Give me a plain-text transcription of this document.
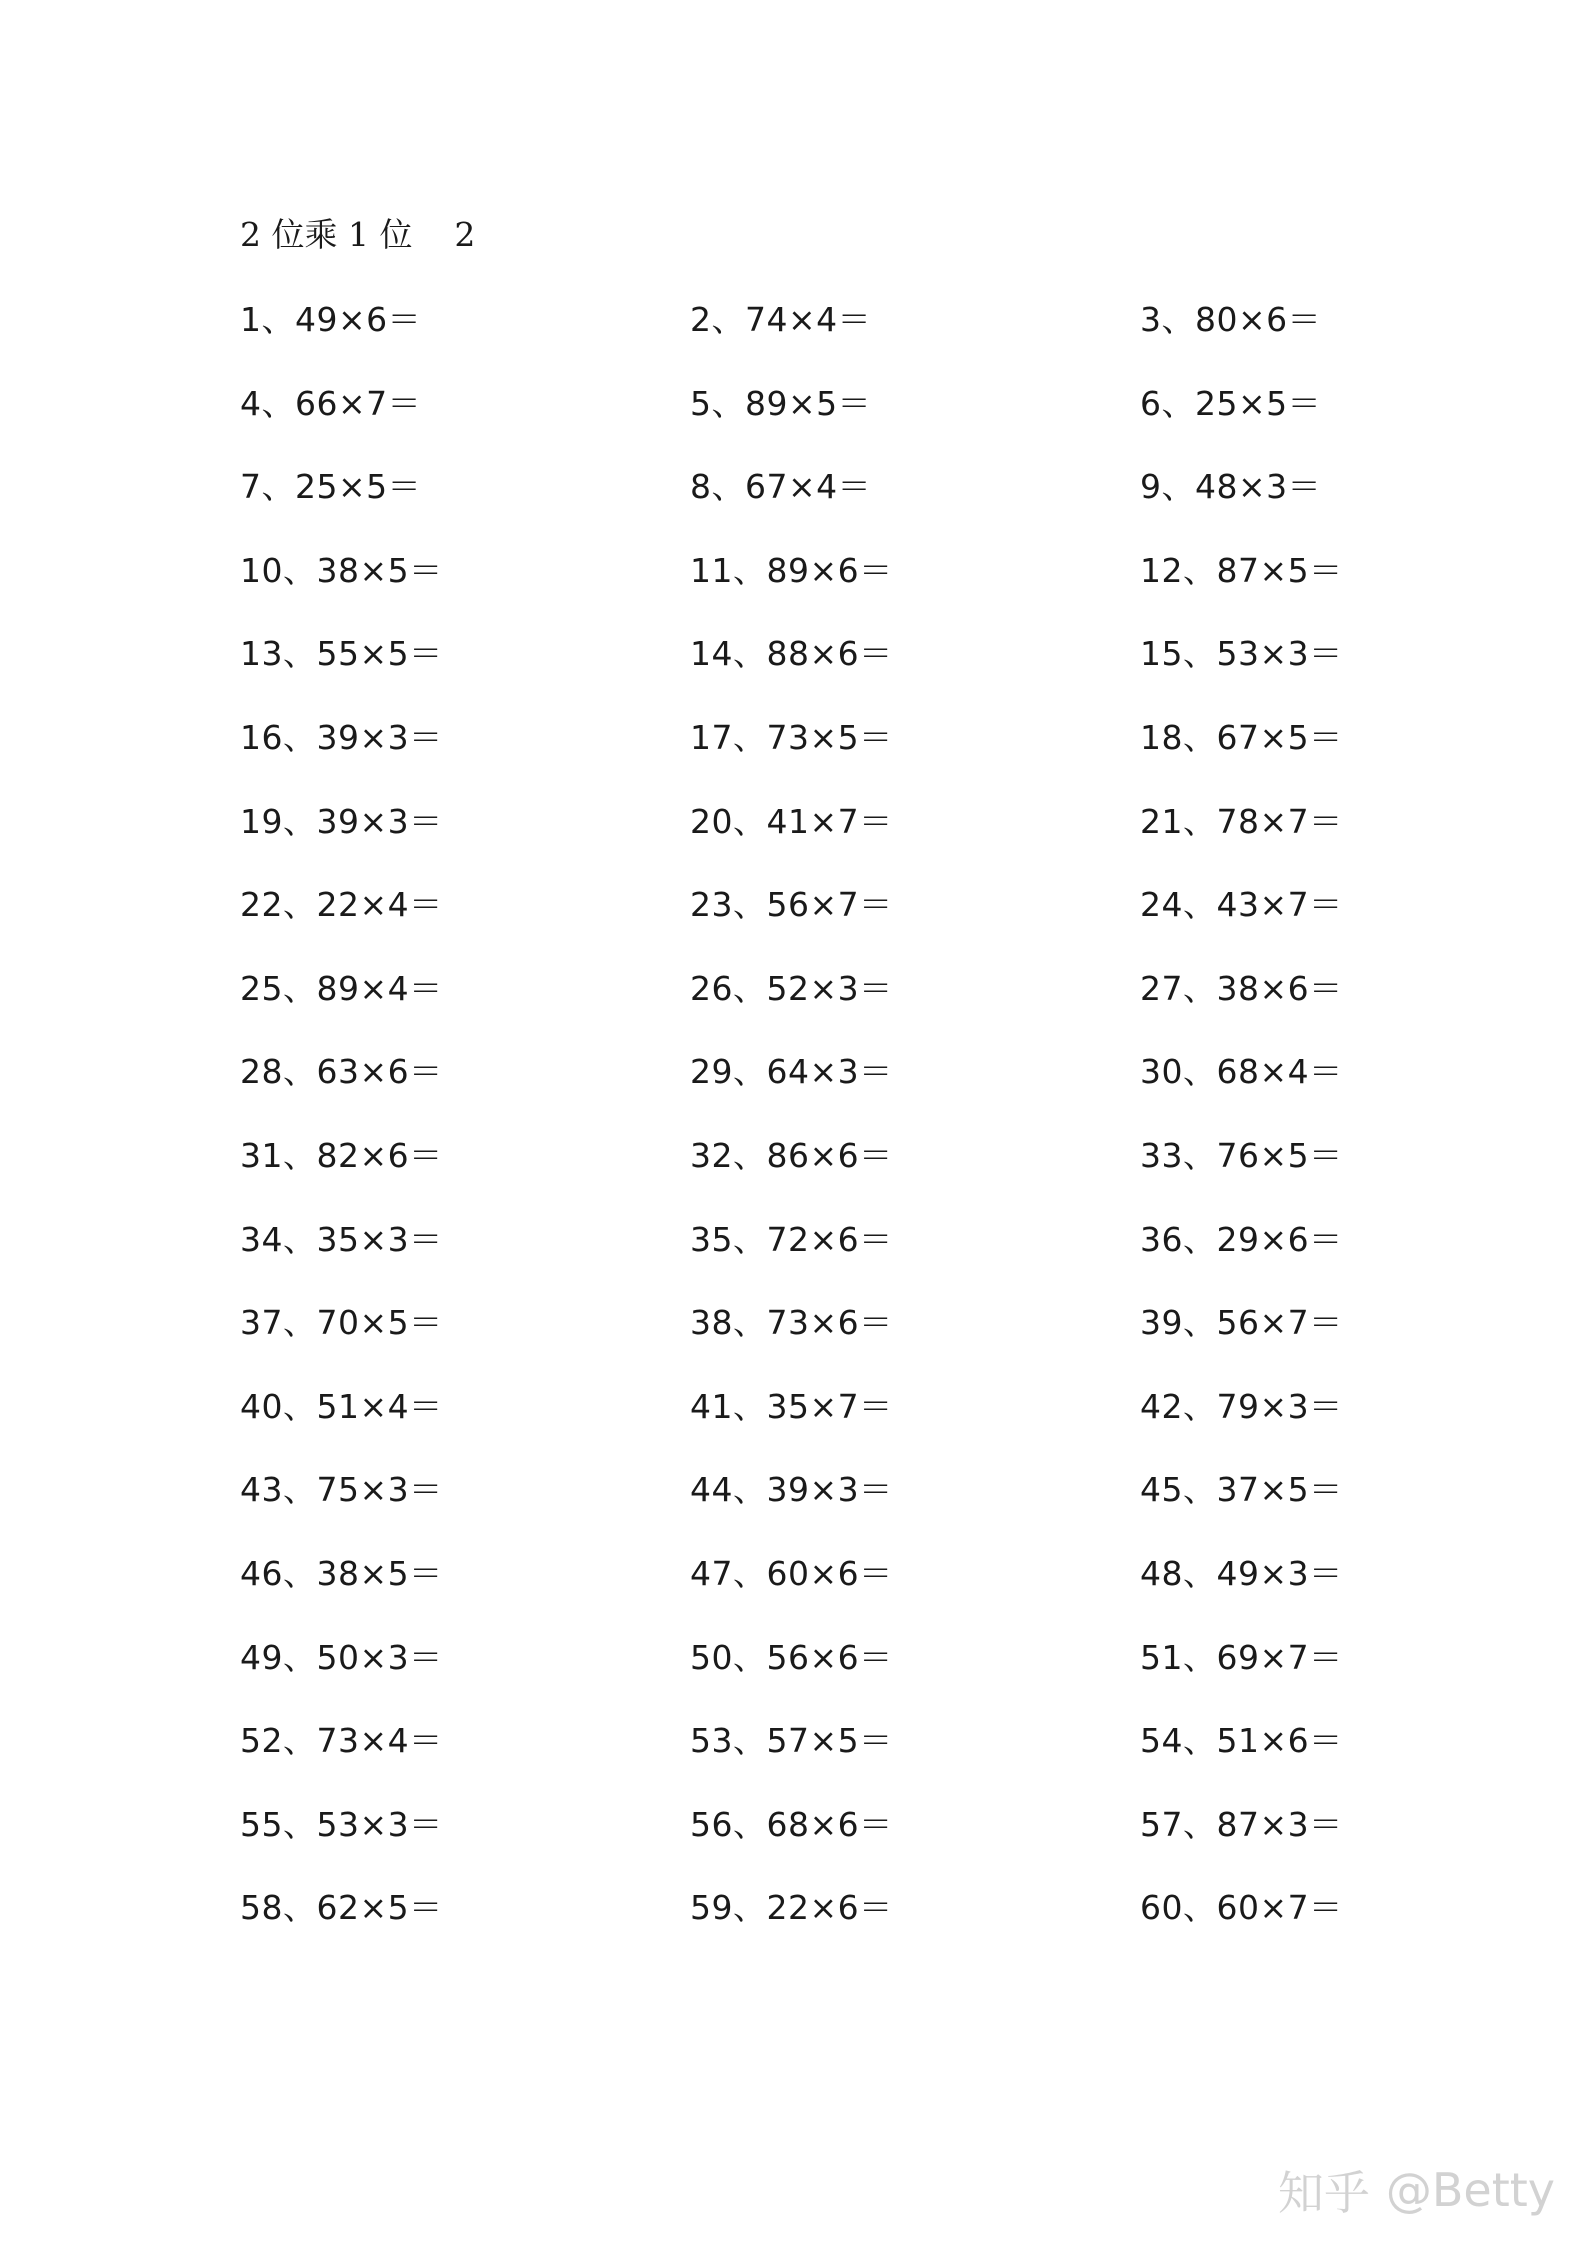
2 位乘 1 位    2
1、49×6＝	2、74×4＝	3、80×6＝
4、66×7＝	5、89×5＝	6、25×5＝
7、25×5＝	8、67×4＝	9、48×3＝
10、38×5＝	11、89×6＝	12、87×5＝
13、55×5＝	14、88×6＝	15、53×3＝
16、39×3＝	17、73×5＝	18、67×5＝
19、39×3＝	20、41×7＝	21、78×7＝
22、22×4＝	23、56×7＝	24、43×7＝
25、89×4＝	26、52×3＝	27、38×6＝
28、63×6＝	29、64×3＝	30、68×4＝
31、82×6＝	32、86×6＝	33、76×5＝
34、35×3＝	35、72×6＝	36、29×6＝
37、70×5＝	38、73×6＝	39、56×7＝
40、51×4＝	41、35×7＝	42、79×3＝
43、75×3＝	44、39×3＝	45、37×5＝
46、38×5＝	47、60×6＝	48、49×3＝
49、50×3＝	50、56×6＝	51、69×7＝
52、73×4＝	53、57×5＝	54、51×6＝
55、53×3＝	56、68×6＝	57、87×3＝
58、62×5＝	59、22×6＝	60、60×7＝
知乎 @Betty
